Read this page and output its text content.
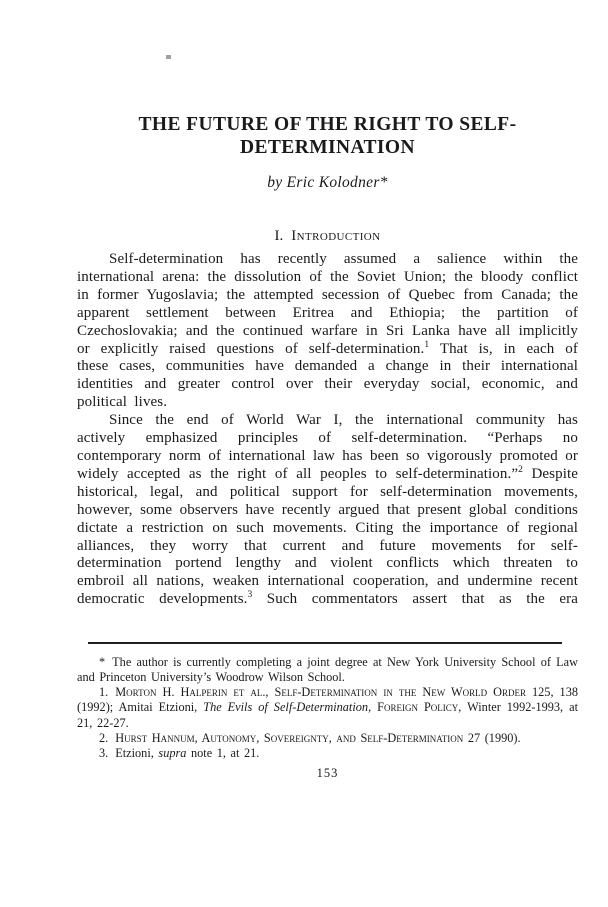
THE FUTURE OF THE RIGHT TO SELF-
DETERMINATION
by Eric Kolodner*
I. Introduction

Self-determination has recently assumed a salience within the international arena: the dissolution of the Soviet Union; the bloody conflict in former Yugoslavia; the attempted secession of Quebec from Canada; the apparent settlement between Eritrea and Ethiopia; the partition of Czechoslovakia; and the continued warfare in Sri Lanka have all implicitly or explicitly raised questions of self-determination.$^1$ That is, in each of these cases, communities have demanded a change in their international identities and greater control over their everyday social, economic, and political lives.

Since the end of World War I, the international community has actively emphasized principles of self-determination. “Perhaps no contemporary norm of international law has been so vigorously promoted or widely accepted as the right of all peoples to self-determination.”$^2$ Despite historical, legal, and political support for self-determination movements, however, some observers have recently argued that present global conditions dictate a restriction on such movements. Citing the importance of regional alliances, they worry that current and future movements for self-determination portend lengthy and violent conflicts which threaten to embroil all nations, weaken international cooperation, and undermine recent democratic developments.$^3$ Such commentators assert that as the era

* The author is currently completing a joint degree at New York University School of Law and Princeton University’s Woodrow Wilson School.

1. Morton H. Halperin et al., Self-Determination in the New World Order 125, 138 (1992); Amitai Etzioni, The Evils of Self-Determination, Foreign Policy, Winter 1992-1993, at 21, 22-27.

2. Hurst Hannum, Autonomy, Sovereignty, and Self-Determination 27 (1990).

3. Etzioni, supra note 1, at 21.

153
